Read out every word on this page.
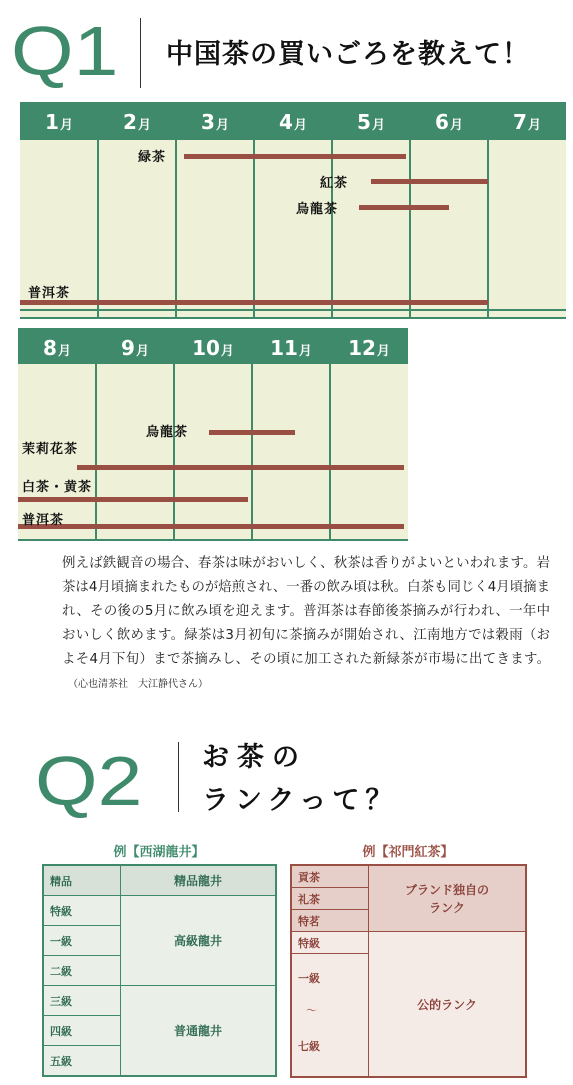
Q1 中国茶の買いごろを教えて！
1月	2月	3月	4月	5月	6月	7月
緑茶
紅茶
烏龍茶
普洱茶
8月	9月	10月	11月	12月
烏龍茶
茉莉花茶
白茶・黄茶
普洱茶
例えば鉄観音の場合、春茶は味がおいしく、秋茶は香りがよいといわれます。岩茶は4月頃摘まれたものが焙煎され、一番の飲み頃は秋。白茶も同じく4月頃摘まれ、その後の5月に飲み頃を迎えます。普洱茶は春節後茶摘みが行われ、一年中おいしく飲めます。緑茶は3月初旬に茶摘みが開始され、江南地方では穀雨（およそ4月下旬）まで茶摘みし、その頃に加工された新緑茶が市場に出てきます。（心也清茶社　大江静代さん）
Q2 お茶の
ランクって？
例【西湖龍井】
精品	精品龍井
特級	高級龍井
一級	
二級	
三級	普通龍井
四級	
五級	
例【祁門紅茶】
貢茶	ブランド独自の
ランク
礼茶	
特茗	
特級	公的ランク

一級
〜
七級	
